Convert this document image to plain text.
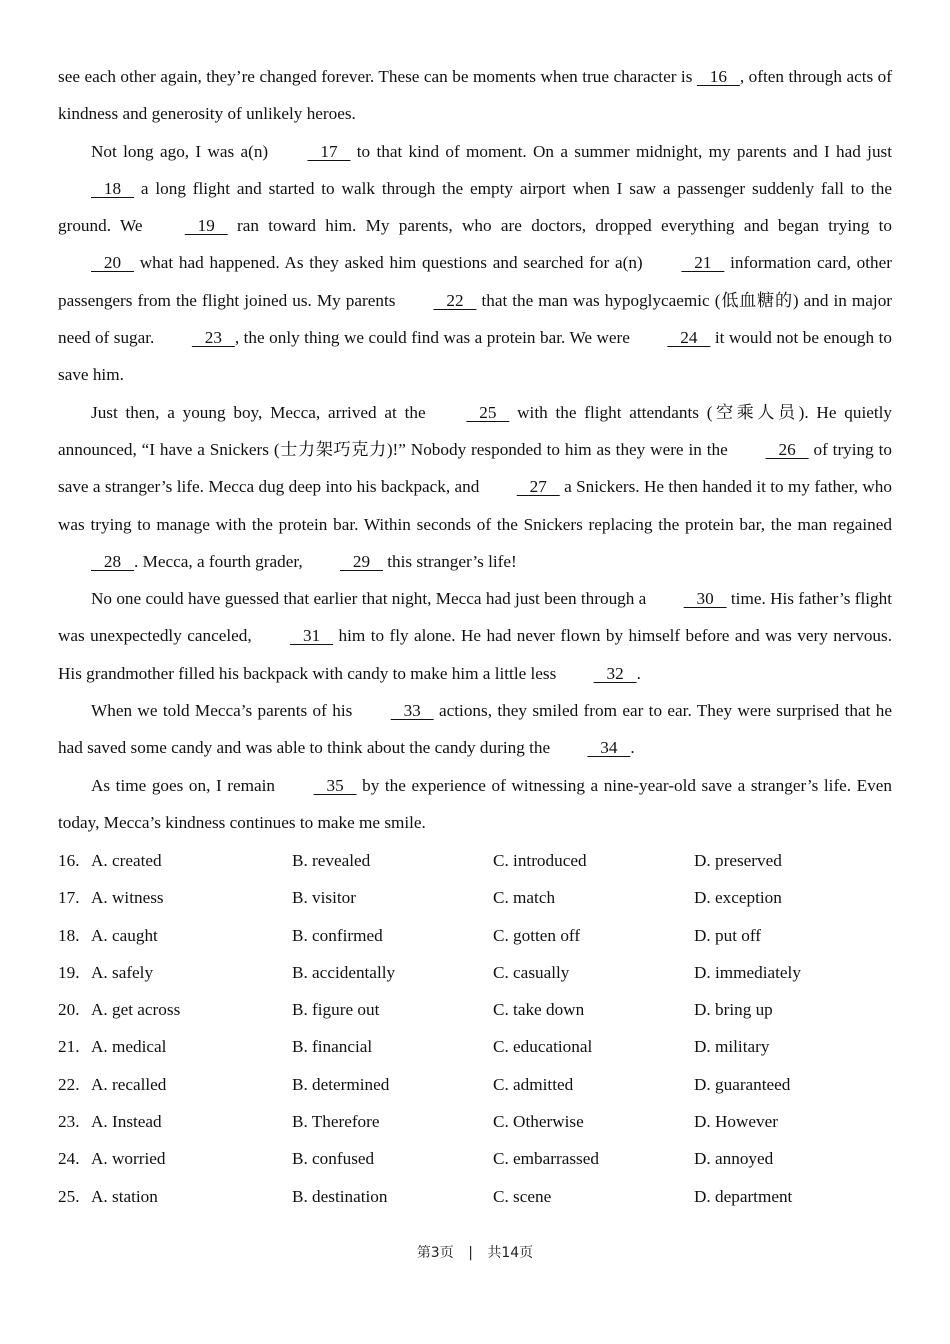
see each other again, they’re changed forever. These can be moments when true character is    16   , often through acts of kindness and generosity of unlikely heroes.

Not long ago, I was a(n)    17    to that kind of moment. On a summer midnight, my parents and I had just    18    a long flight and started to walk through the empty airport when I saw a passenger suddenly fall to the ground. We    19    ran toward him. My parents, who are doctors, dropped everything and began trying to    20    what had happened. As they asked him questions and searched for a(n)    21    information card, other passengers from the flight joined us. My parents    22    that the man was hypoglycaemic (低血糖的) and in major need of sugar.    23   , the only thing we could find was a protein bar. We were    24    it would not be enough to save him.

Just then, a young boy, Mecca, arrived at the    25    with the flight attendants (空乘人员). He quietly announced, “I have a Snickers (士力架巧克力)!” Nobody responded to him as they were in the    26    of trying to save a stranger’s life. Mecca dug deep into his backpack, and    27    a Snickers. He then handed it to my father, who was trying to manage with the protein bar. Within seconds of the Snickers replacing the protein bar, the man regained    28   . Mecca, a fourth grader,    29    this stranger’s life!

No one could have guessed that earlier that night, Mecca had just been through a    30    time. His father’s flight was unexpectedly canceled,    31    him to fly alone. He had never flown by himself before and was very nervous. His grandmother filled his backpack with candy to make him a little less    32   .

When we told Mecca’s parents of his    33    actions, they smiled from ear to ear. They were surprised that he had saved some candy and was able to think about the candy during the    34   .

As time goes on, I remain    35    by the experience of witnessing a nine-year-old save a stranger’s life. Even today, Mecca’s kindness continues to make me smile.

16. A. created	B. revealed	C. introduced	D. preserved
17. A. witness	B. visitor	C. match	D. exception
18. A. caught	B. confirmed	C. gotten off	D. put off
19. A. safely	B. accidentally	C. casually	D. immediately
20. A. get across	B. figure out	C. take down	D. bring up
21. A. medical	B. financial	C. educational	D. military
22. A. recalled	B. determined	C. admitted	D. guaranteed
23. A. Instead	B. Therefore	C. Otherwise	D. However
24. A. worried	B. confused	C. embarrassed	D. annoyed
25. A. station	B. destination	C. scene	D. department
第3页 | 共14页
